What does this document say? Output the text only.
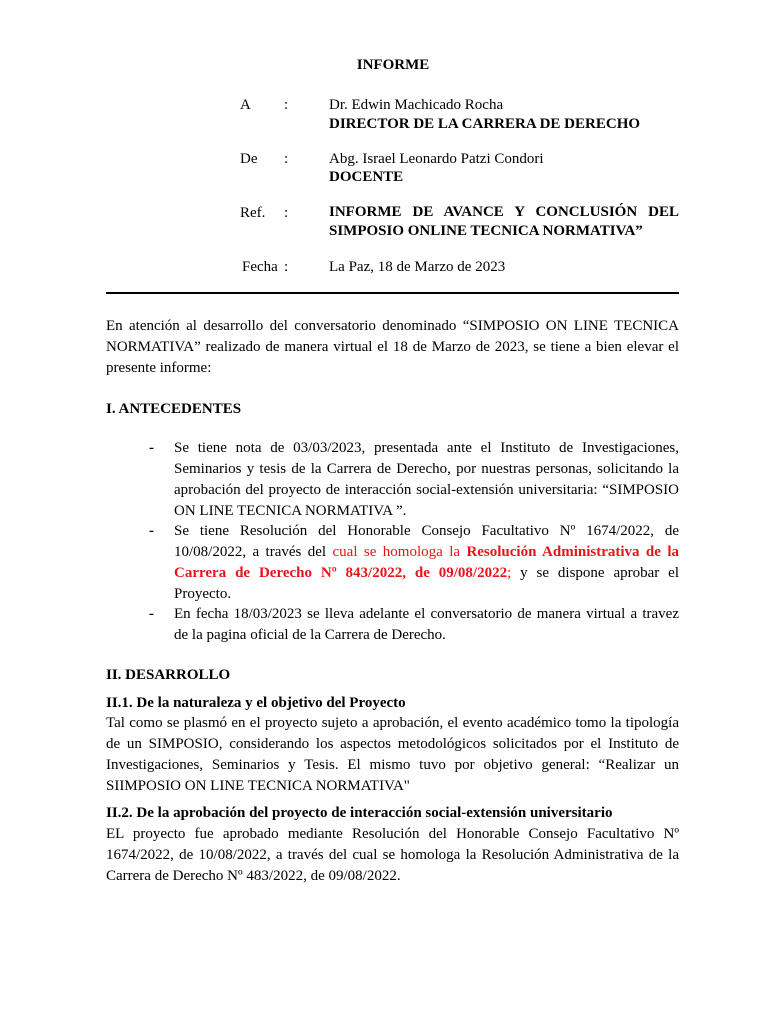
INFORME
A :	Dr. Edwin Machicado Rocha
DIRECTOR DE LA CARRERA DE DERECHO
De :	Abg. Israel Leonardo Patzi Condori
DOCENTE
Ref. :	INFORME DE AVANCE Y CONCLUSIÓN DEL SIMPOSIO ONLINE TECNICA NORMATIVA”
Fecha :	La Paz, 18 de Marzo de 2023
En atención al desarrollo del conversatorio denominado “SIMPOSIO ON LINE TECNICA NORMATIVA” realizado de manera virtual el 18 de Marzo de 2023, se tiene a bien elevar el presente informe:
I. ANTECEDENTES
- Se tiene nota de 03/03/2023, presentada ante el Instituto de Investigaciones, Seminarios y tesis de la Carrera de Derecho, por nuestras personas, solicitando la aprobación del proyecto de interacción social-extensión universitaria: “SIMPOSIO ON LINE TECNICA NORMATIVA ”.
- Se tiene Resolución del Honorable Consejo Facultativo Nº 1674/2022, de 10/08/2022, a través del cual se homologa la Resolución Administrativa de la Carrera de Derecho Nº 843/2022, de 09/08/2022; y se dispone aprobar el Proyecto.
- En fecha 18/03/2023 se lleva adelante el conversatorio de manera virtual a travez de la pagina oficial de la Carrera de Derecho.
II. DESARROLLO
II.1. De la naturaleza y el objetivo del Proyecto
Tal como se plasmó en el proyecto sujeto a aprobación, el evento académico tomo la tipología de un SIMPOSIO, considerando los aspectos metodológicos solicitados por el Instituto de Investigaciones, Seminarios y Tesis. El mismo tuvo por objetivo general: “Realizar un SIIMPOSIO ON LINE TECNICA NORMATIVA"
II.2. De la aprobación del proyecto de interacción social-extensión universitario
EL proyecto fue aprobado mediante Resolución del Honorable Consejo Facultativo Nº 1674/2022, de 10/08/2022, a través del cual se homologa la Resolución Administrativa de la Carrera de Derecho Nº 483/2022, de 09/08/2022.
